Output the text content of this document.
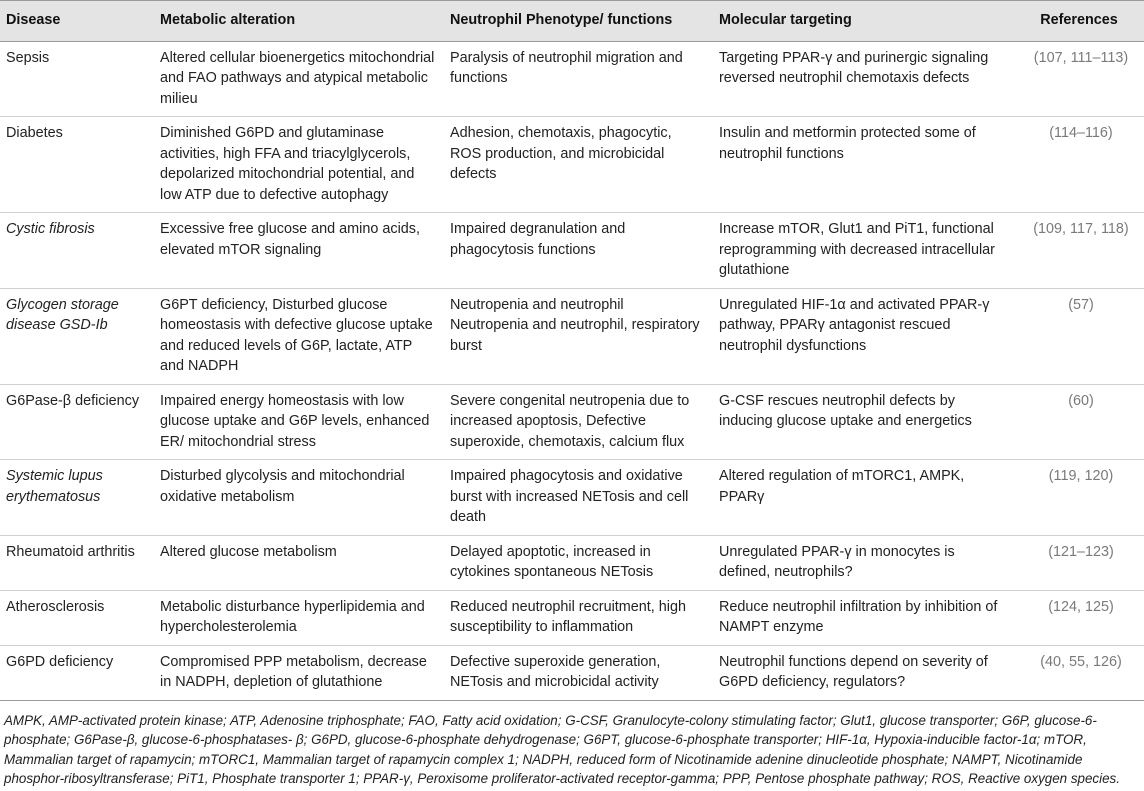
Disease	Metabolic alteration	Neutrophil Phenotype/ functions	Molecular targeting	References
Sepsis	Altered cellular bioenergetics mitochondrial and FAO pathways and atypical metabolic milieu	Paralysis of neutrophil migration and functions	Targeting PPAR-γ and purinergic signaling reversed neutrophil chemotaxis defects	(107, 111–113)
Diabetes	Diminished G6PD and glutaminase activities, high FFA and triacylglycerols, depolarized mitochondrial potential, and low ATP due to defective autophagy	Adhesion, chemotaxis, phagocytic, ROS production, and microbicidal defects	Insulin and metformin protected some of neutrophil functions	(114–116)
Cystic fibrosis	Excessive free glucose and amino acids, elevated mTOR signaling	Impaired degranulation and phagocytosis functions	Increase mTOR, Glut1 and PiT1, functional reprogramming with decreased intracellular glutathione	(109, 117, 118)
Glycogen storage disease GSD-Ib	G6PT deficiency, Disturbed glucose homeostasis with defective glucose uptake and reduced levels of G6P, lactate, ATP and NADPH	Neutropenia and neutrophil Neutropenia and neutrophil, respiratory burst	Unregulated HIF-1α and activated PPAR-γ pathway, PPARγ antagonist rescued neutrophil dysfunctions	(57)
G6Pase-β deficiency	Impaired energy homeostasis with low glucose uptake and G6P levels, enhanced ER/ mitochondrial stress	Severe congenital neutropenia due to increased apoptosis, Defective superoxide, chemotaxis, calcium flux	G-CSF rescues neutrophil defects by inducing glucose uptake and energetics	(60)
Systemic lupus erythematosus	Disturbed glycolysis and mitochondrial oxidative metabolism	Impaired phagocytosis and oxidative burst with increased NETosis and cell death	Altered regulation of mTORC1, AMPK, PPARγ	(119, 120)
Rheumatoid arthritis	Altered glucose metabolism	Delayed apoptotic, increased in cytokines spontaneous NETosis	Unregulated PPAR-γ in monocytes is defined, neutrophils?	(121–123)
Atherosclerosis	Metabolic disturbance hyperlipidemia and hypercholesterolemia	Reduced neutrophil recruitment, high susceptibility to inflammation	Reduce neutrophil infiltration by inhibition of NAMPT enzyme	(124, 125)
G6PD deficiency	Compromised PPP metabolism, decrease in NADPH, depletion of glutathione	Defective superoxide generation, NETosis and microbicidal activity	Neutrophil functions depend on severity of G6PD deficiency, regulators?	(40, 55, 126)
AMPK, AMP-activated protein kinase; ATP, Adenosine triphosphate; FAO, Fatty acid oxidation; G-CSF, Granulocyte-colony stimulating factor; Glut1, glucose transporter; G6P, glucose-6-phosphate; G6Pase-β, glucose-6-phosphatases- β; G6PD, glucose-6-phosphate dehydrogenase; G6PT, glucose-6-phosphate transporter; HIF-1α, Hypoxia-inducible factor-1α; mTOR, Mammalian target of rapamycin; mTORC1, Mammalian target of rapamycin complex 1; NADPH, reduced form of Nicotinamide adenine dinucleotide phosphate; NAMPT, Nicotinamide phosphor-ribosyltransferase; PiT1, Phosphate transporter 1; PPAR-γ, Peroxisome proliferator-activated receptor-gamma; PPP, Pentose phosphate pathway; ROS, Reactive oxygen species.
